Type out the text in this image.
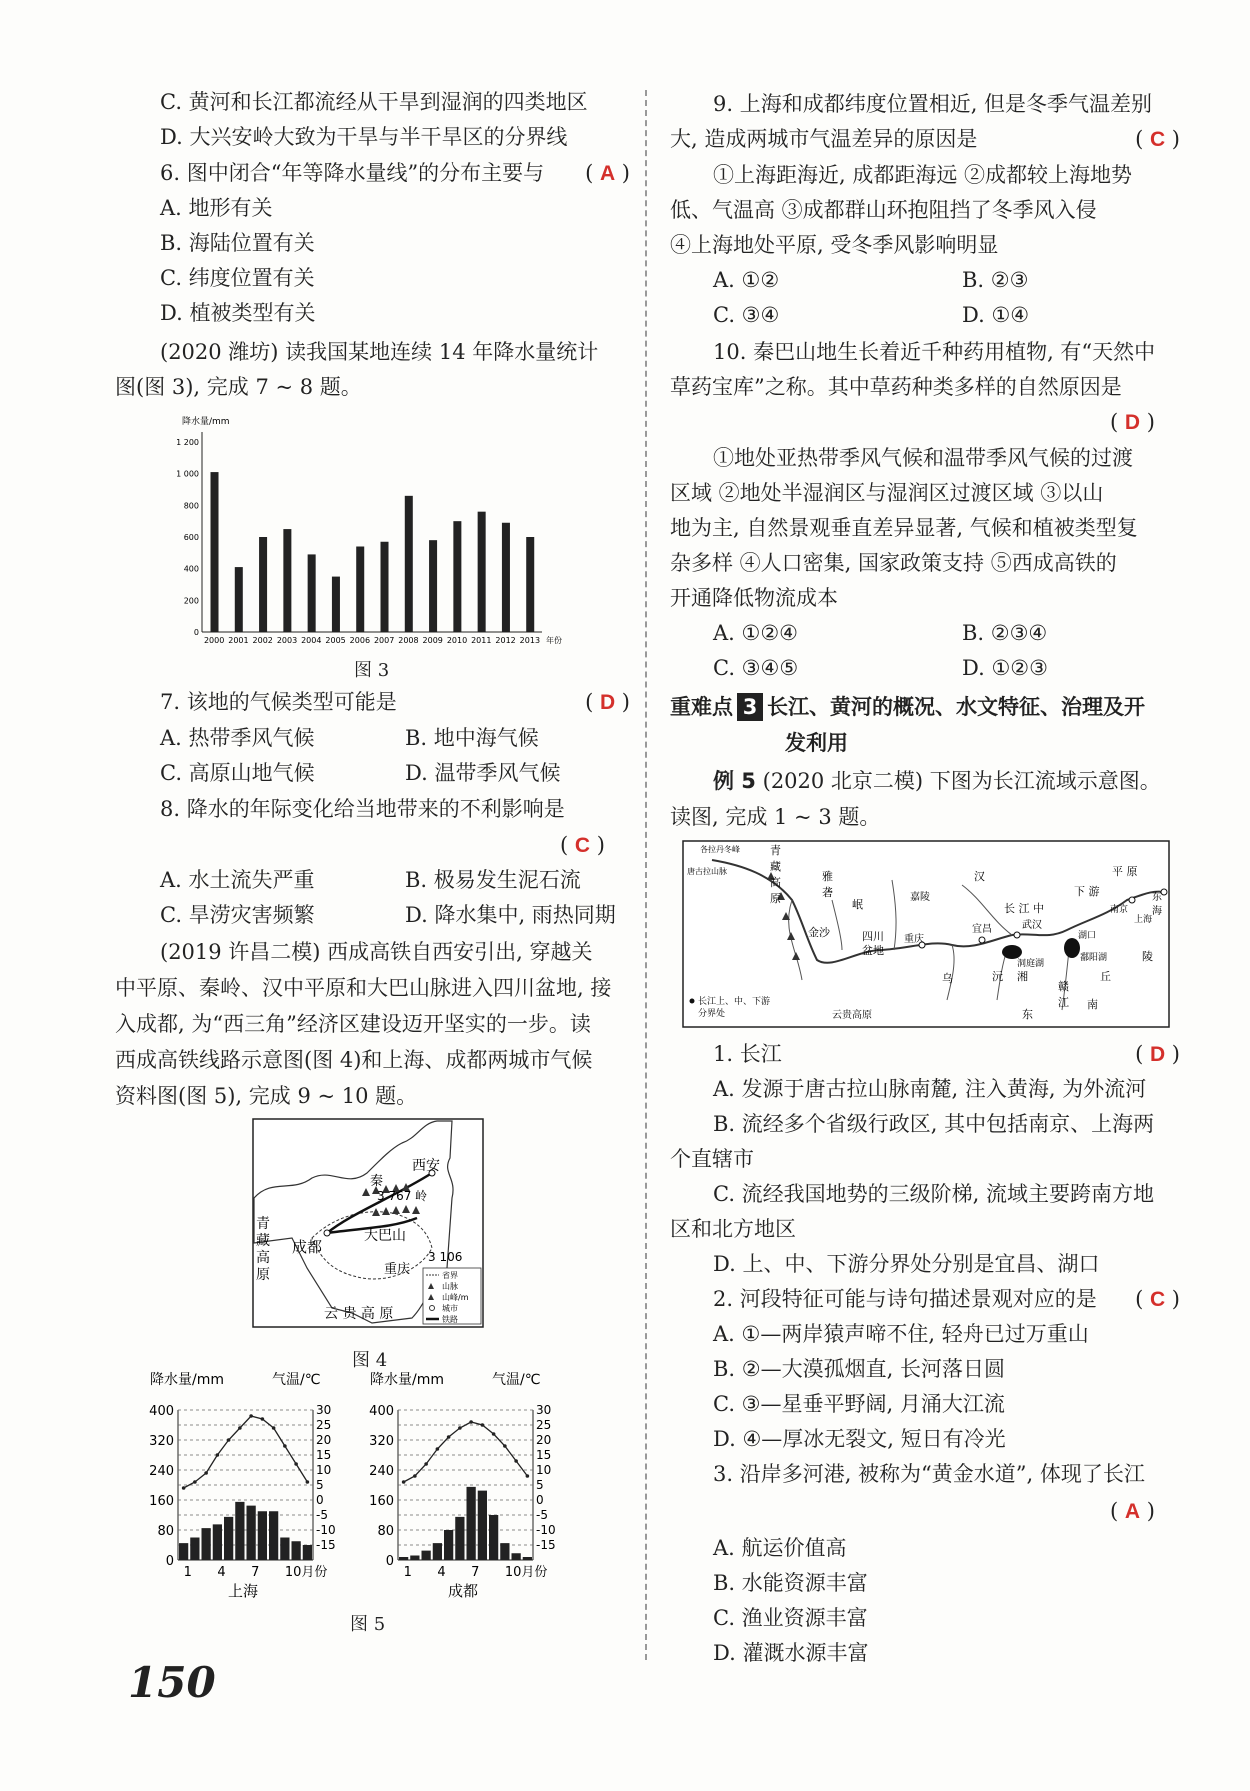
C. 黄河和长江都流经从干旱到湿润的四类地区
D. 大兴安岭大致为干旱与半干旱区的分界线
6. 图中闭合“年等降水量线”的分布主要与 ( A )
A. 地形有关
B. 海陆位置有关
C. 纬度位置有关
D. 植被类型有关
(2020 潍坊) 读我国某地连续 14 年降水量统计
图(图 3), 完成 7 ~ 8 题。
降水量/mm
0
200
400
600
800
1 000
1 200
2000 2001 2002 2003 2004 2005 2006 2007 2008 2009 2010 2011 2012 2013 年份
图 3
7. 该地的气候类型可能是	( D )
A. 热带季风气候	B. 地中海气候
C. 高原山地气候	D. 温带季风气候
8. 降水的年际变化给当地带来的不利影响是
( C )
A. 水土流失严重	B. 极易发生泥石流
C. 旱涝灾害频繁	D. 降水集中, 雨热同期
(2019 许昌二模) 西成高铁自西安引出, 穿越关
中平原、秦岭、汉中平原和大巴山脉进入四川盆地, 接
入成都, 为“西三角”经济区建设迈开坚实的一步。读
西成高铁线路示意图(图 4)和上海、成都两城市气候
资料图(图 5), 完成 9 ~ 10 题。
秦
西安
3 767 岭
青
藏
高
原
成都
大巴山
重庆
3 106
云 贵 高 原
省界
山脉
山峰/m
城市
铁路
图 4
降水量/mm	气温/℃
0
80
160
240
320
400
-15
-10
-5
0
5
10
15
20
25
30
1 4 7 10月份
上海
降水量/mm	气温/℃
0
80
160
240
320
400
-15
-10
-5
0
5
10
15
20
25
30
1 4 7 10月份
成都
图 5
150
9. 上海和成都纬度位置相近, 但是冬季气温差别
大, 造成两城市气温差异的原因是	( C )
①上海距海近, 成都距海远 ②成都较上海地势
低、气温高 ③成都群山环抱阻挡了冬季风入侵
④上海地处平原, 受冬季风影响明显
A. ①②	B. ②③
C. ③④	D. ①④
10. 秦巴山地生长着近千种药用植物, 有“天然中
草药宝库”之称。其中草药种类多样的自然原因是
( D )
①地处亚热带季风气候和温带季风气候的过渡
区域 ②地处半湿润区与湿润区过渡区域 ③以山
地为主, 自然景观垂直差异显著, 气候和植被类型复
杂多样 ④人口密集, 国家政策支持 ⑤西成高铁的
开通降低物流成本
A. ①②④	B. ②③④
C. ③④⑤	D. ①②③
重难点 3 长江、黄河的概况、水文特征、治理及开
发利用
例 5 (2020 北京二模) 下图为长江流域示意图。
读图, 完成 1 ~ 3 题。
各拉丹冬峰
唐古拉山脉
青
藏
高
原
雅
砻
金沙
岷
嘉陵
汉
四川
盆地
重庆
乌	沅 湘
宜昌	武汉
长 江 中
下 游
平 原
南京
上海
东
海
湖口
鄱阳湖
洞庭湖
赣
江
丘
陵
南
东
云贵高原
长江上、中、下游
分界处
1. 长江	( D )
A. 发源于唐古拉山脉南麓, 注入黄海, 为外流河
B. 流经多个省级行政区, 其中包括南京、上海两
个直辖市
C. 流经我国地势的三级阶梯, 流域主要跨南方地
区和北方地区
D. 上、中、下游分界处分别是宜昌、湖口
2. 河段特征可能与诗句描述景观对应的是 ( C )
A. ①—两岸猿声啼不住, 轻舟已过万重山
B. ②—大漠孤烟直, 长河落日圆
C. ③—星垂平野阔, 月涌大江流
D. ④—厚冰无裂文, 短日有冷光
3. 沿岸多河港, 被称为“黄金水道”, 体现了长江
( A )
A. 航运价值高
B. 水能资源丰富
C. 渔业资源丰富
D. 灌溉水源丰富
